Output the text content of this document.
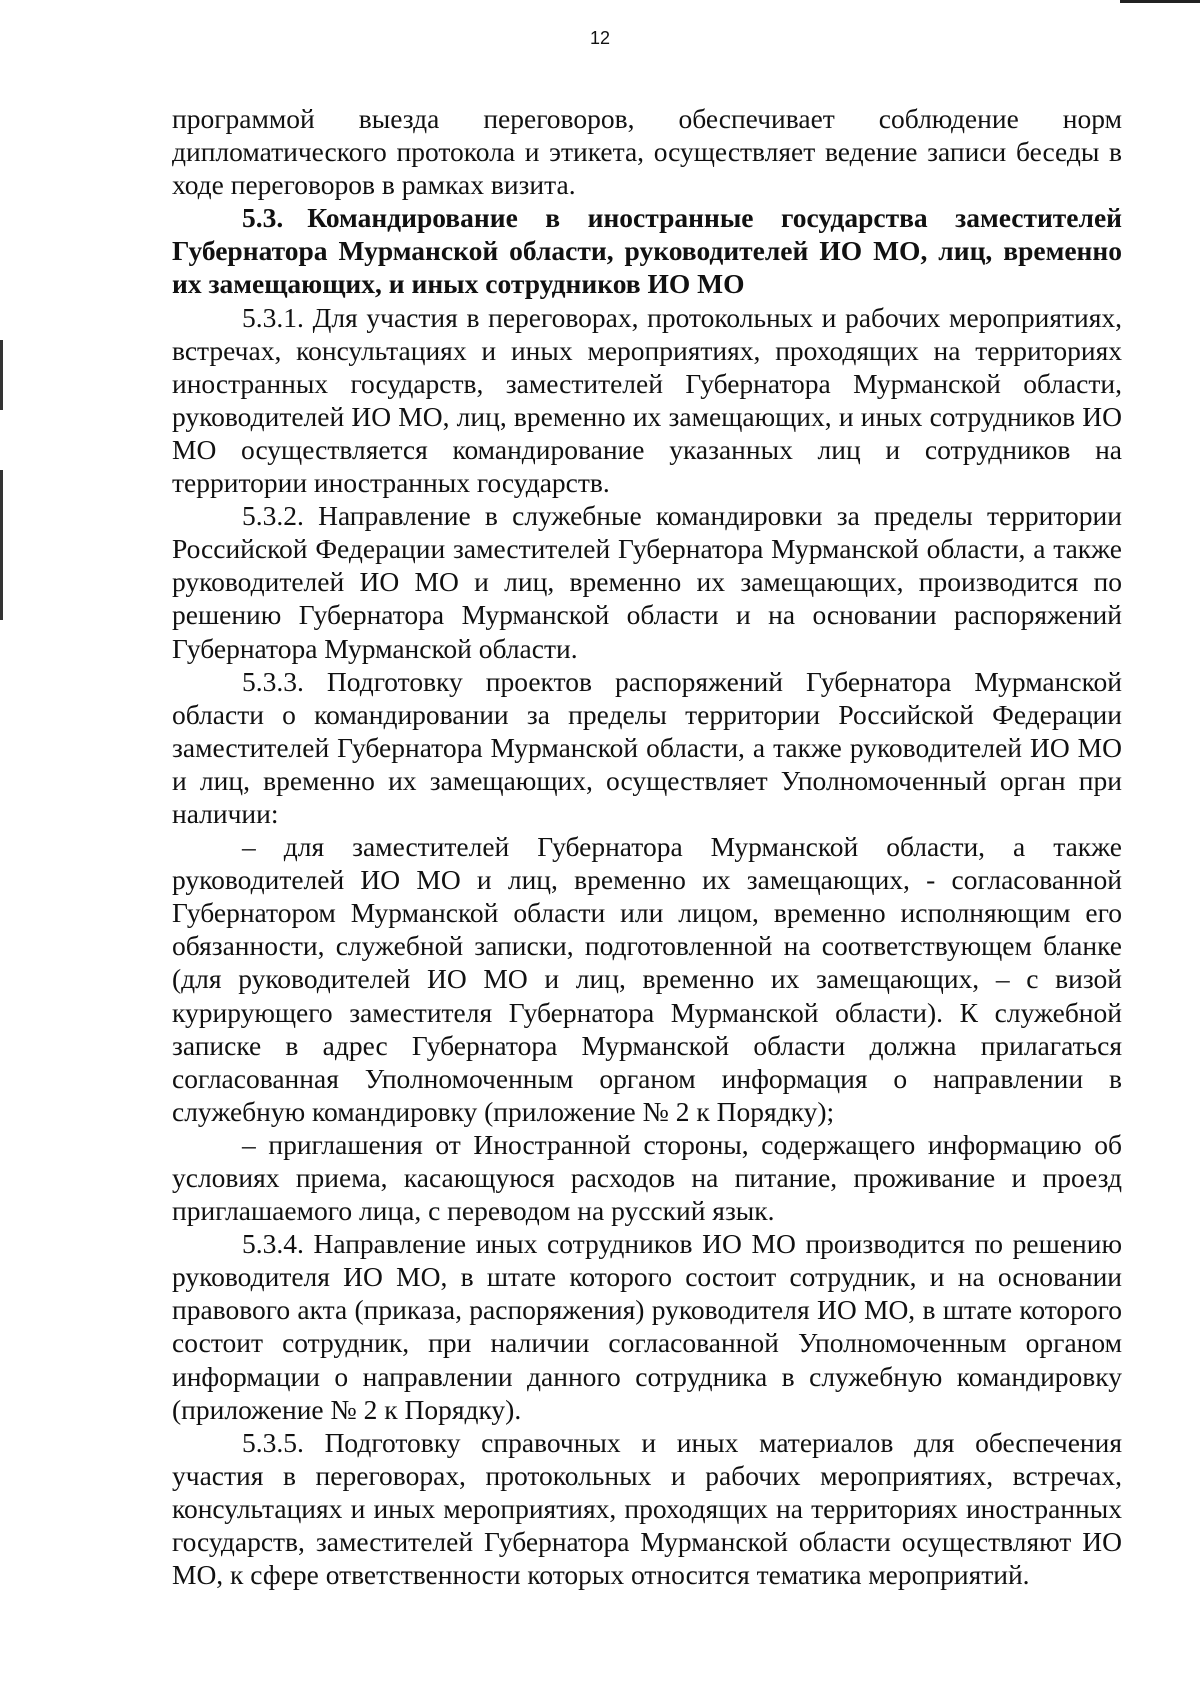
12

программой выезда переговоров, обеспечивает соблюдение норм дипломатического протокола и этикета, осуществляет ведение записи беседы в ходе переговоров в рамках визита.

5.3. Командирование в иностранные государства заместителей Губернатора Мурманской области, руководителей ИО МО, лиц, временно их замещающих, и иных сотрудников ИО МО

5.3.1. Для участия в переговорах, протокольных и рабочих мероприятиях, встречах, консультациях и иных мероприятиях, проходящих на территориях иностранных государств, заместителей Губернатора Мурманской области, руководителей ИО МО, лиц, временно их замещающих, и иных сотрудников ИО МО осуществляется командирование указанных лиц и сотрудников на территории иностранных государств.

5.3.2. Направление в служебные командировки за пределы территории Российской Федерации заместителей Губернатора Мурманской области, а также руководителей ИО МО и лиц, временно их замещающих, производится по решению Губернатора Мурманской области и на основании распоряжений Губернатора Мурманской области.

5.3.3. Подготовку проектов распоряжений Губернатора Мурманской области о командировании за пределы территории Российской Федерации заместителей Губернатора Мурманской области, а также руководителей ИО МО и лиц, временно их замещающих, осуществляет Уполномоченный орган при наличии:

– для заместителей Губернатора Мурманской области, а также руководителей ИО МО и лиц, временно их замещающих, - согласованной Губернатором Мурманской области или лицом, временно исполняющим его обязанности, служебной записки, подготовленной на соответствующем бланке (для руководителей ИО МО и лиц, временно их замещающих, – с визой курирующего заместителя Губернатора Мурманской области). К служебной записке в адрес Губернатора Мурманской области должна прилагаться согласованная Уполномоченным органом информация о направлении в служебную командировку (приложение № 2 к Порядку);

– приглашения от Иностранной стороны, содержащего информацию об условиях приема, касающуюся расходов на питание, проживание и проезд приглашаемого лица, с переводом на русский язык.

5.3.4. Направление иных сотрудников ИО МО производится по решению руководителя ИО МО, в штате которого состоит сотрудник, и на основании правового акта (приказа, распоряжения) руководителя ИО МО, в штате которого состоит сотрудник, при наличии согласованной Уполномоченным органом информации о направлении данного сотрудника в служебную командировку (приложение № 2 к Порядку).

5.3.5. Подготовку справочных и иных материалов для обеспечения участия в переговорах, протокольных и рабочих мероприятиях, встречах, консультациях и иных мероприятиях, проходящих на территориях иностранных государств, заместителей Губернатора Мурманской области осуществляют ИО МО, к сфере ответственности которых относится тематика мероприятий.
